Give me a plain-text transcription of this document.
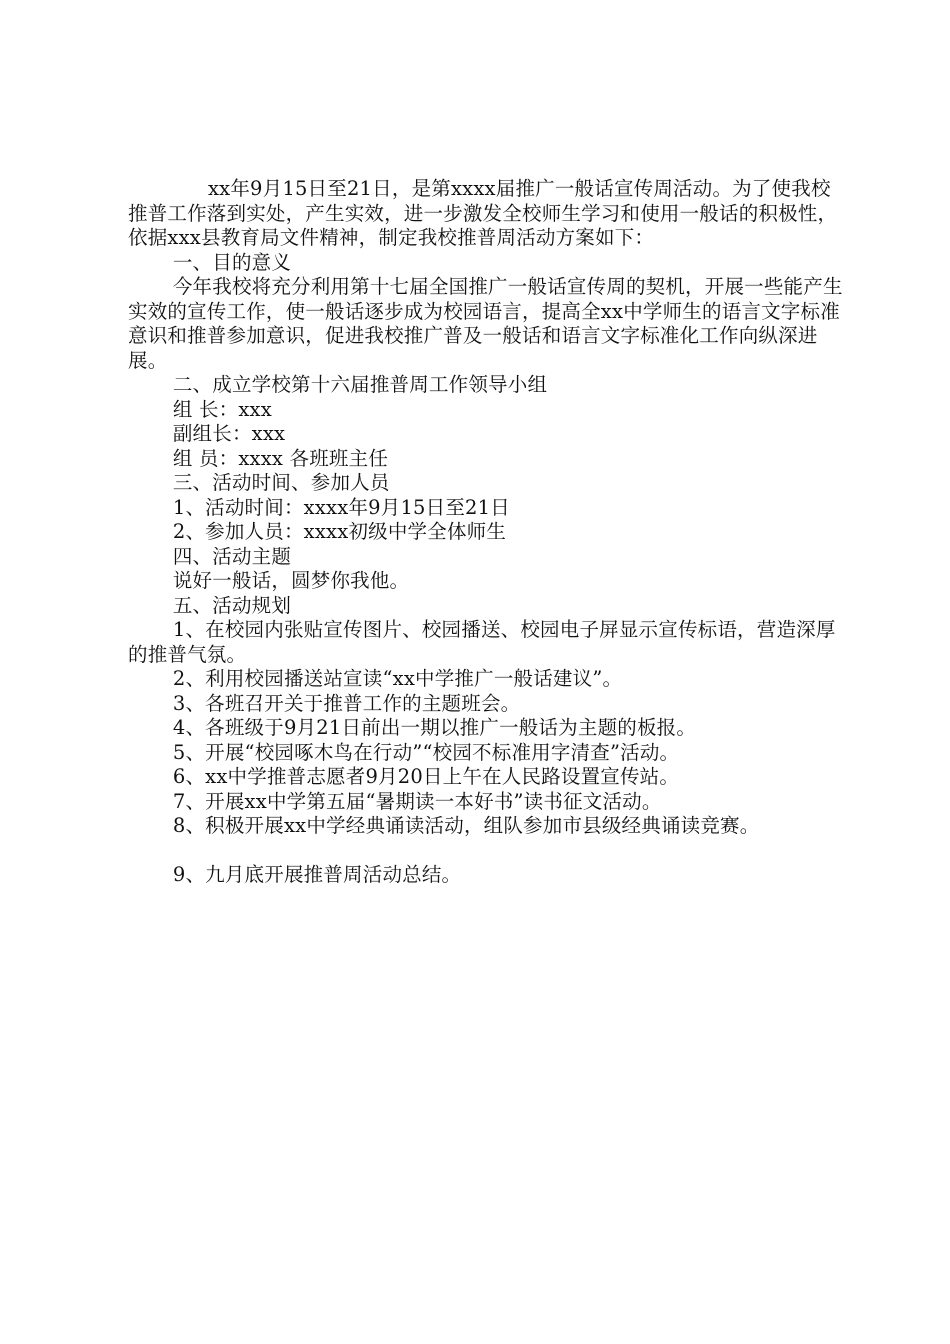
xx年9月15日至21日，是第xxxx届推广一般话宣传周活动。为了使我校推普工作落到实处，产生实效，进一步激发全校师生学习和使用一般话的积极性，依据xxx县教育局文件精神，制定我校推普周活动方案如下：

一、目的意义

今年我校将充分利用第十七届全国推广一般话宣传周的契机，开展一些能产生实效的宣传工作，使一般话逐步成为校园语言，提高全xx中学师生的语言文字标准意识和推普参加意识，促进我校推广普及一般话和语言文字标准化工作向纵深进展。

二、成立学校第十六届推普周工作领导小组

组 长：xxx

副组长：xxx

组 员：xxxx 各班班主任

三、活动时间、参加人员

1、活动时间：xxxx年9月15日至21日

2、参加人员：xxxx初级中学全体师生

四、活动主题

说好一般话，圆梦你我他。

五、活动规划

1、在校园内张贴宣传图片、校园播送、校园电子屏显示宣传标语，营造深厚的推普气氛。

2、利用校园播送站宣读“xx中学推广一般话建议”。

3、各班召开关于推普工作的主题班会。

4、各班级于9月21日前出一期以推广一般话为主题的板报。

5、开展“校园啄木鸟在行动”“校园不标准用字清查”活动。

6、xx中学推普志愿者9月20日上午在人民路设置宣传站。

7、开展xx中学第五届“暑期读一本好书”读书征文活动。

8、积极开展xx中学经典诵读活动，组队参加市县级经典诵读竞赛。

9、九月底开展推普周活动总结。
